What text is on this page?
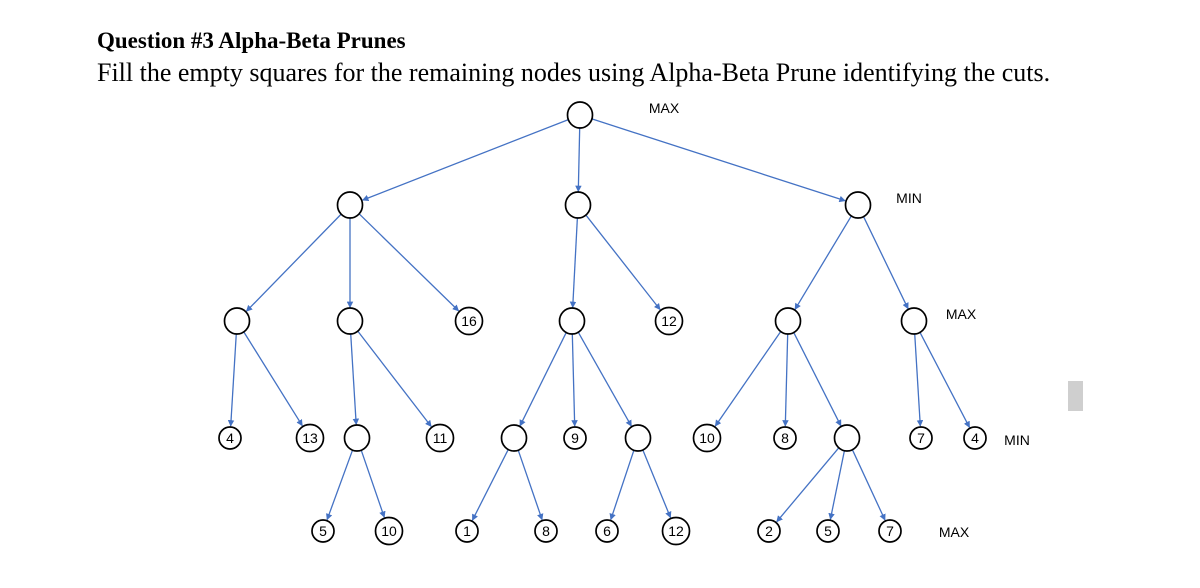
Question #3 Alpha-Beta Prunes

Fill the empty squares for the remaining nodes using Alpha-Beta Prune identifying the cuts.

4	13
5	10
11
16
1	8
9
6	12
12
10	8
2	5	7
7	4
MAX
MIN
MAX
MIN
MAX
